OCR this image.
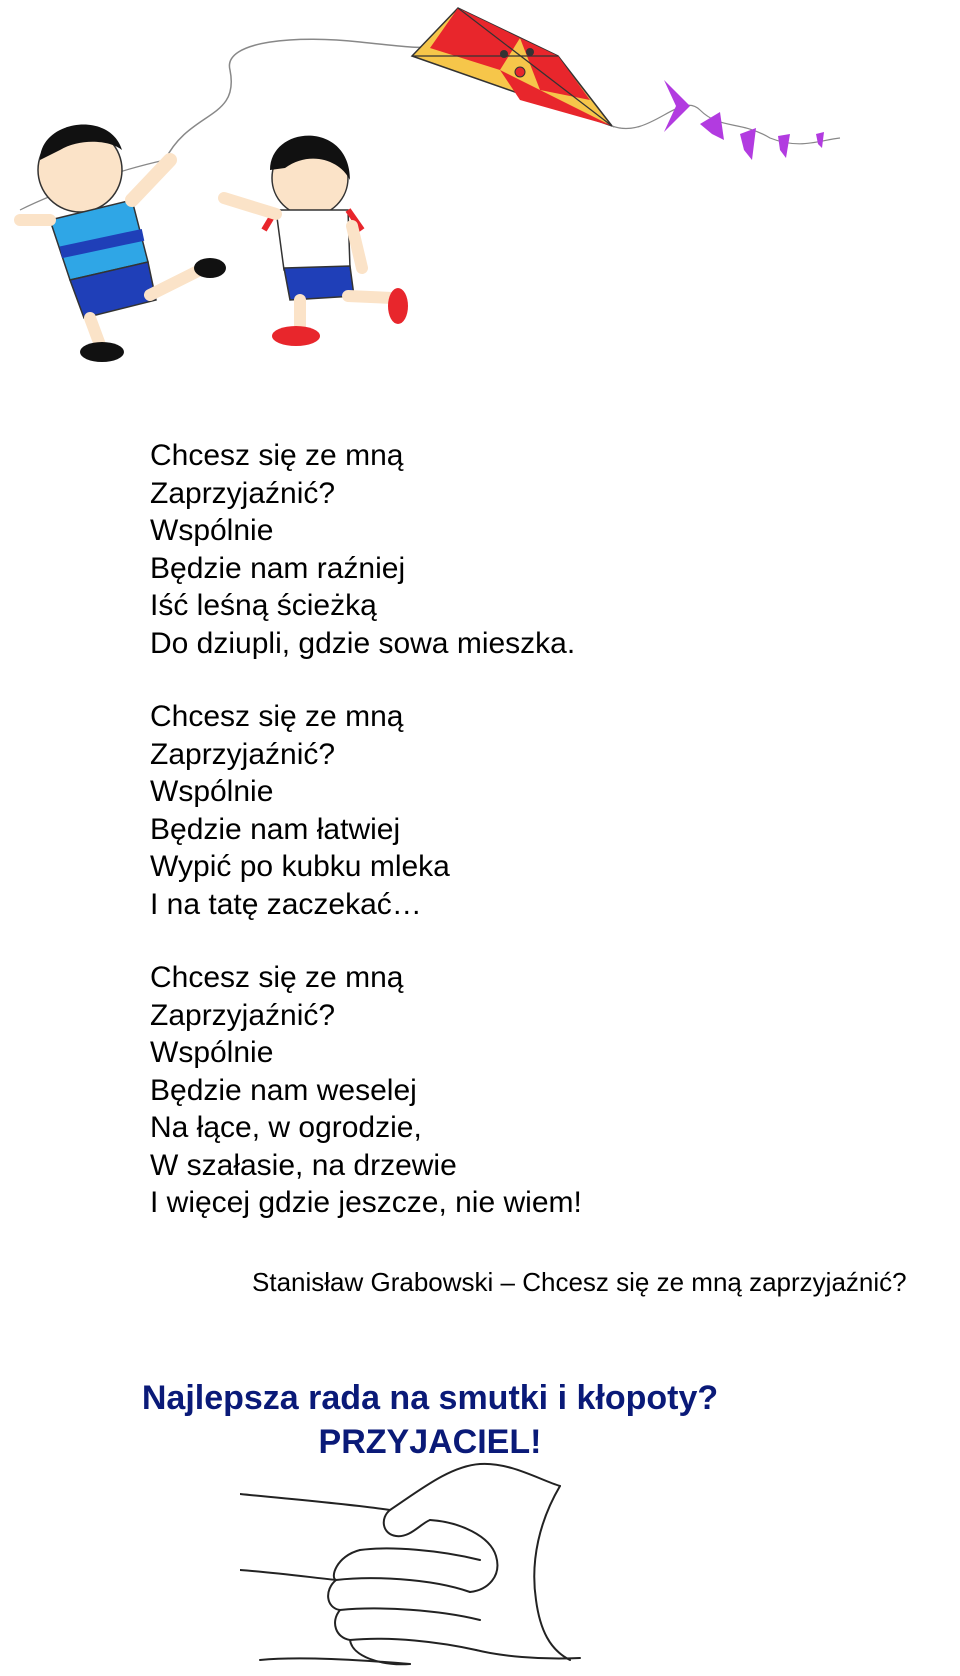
Chcesz się ze mną
Zaprzyjaźnić?
Wspólnie
Będzie nam raźniej
Iść leśną ścieżką
Do dziupli, gdzie sowa mieszka.
Chcesz się ze mną
Zaprzyjaźnić?
Wspólnie
Będzie nam łatwiej
Wypić po kubku mleka
I na tatę zaczekać…
Chcesz się ze mną
Zaprzyjaźnić?
Wspólnie
Będzie nam weselej
Na łące, w ogrodzie,
W szałasie, na drzewie
I więcej gdzie jeszcze, nie wiem!
Stanisław Grabowski – Chcesz się ze mną zaprzyjaźnić?
Najlepsza rada na smutki i kłopoty?
PRZYJACIEL!
